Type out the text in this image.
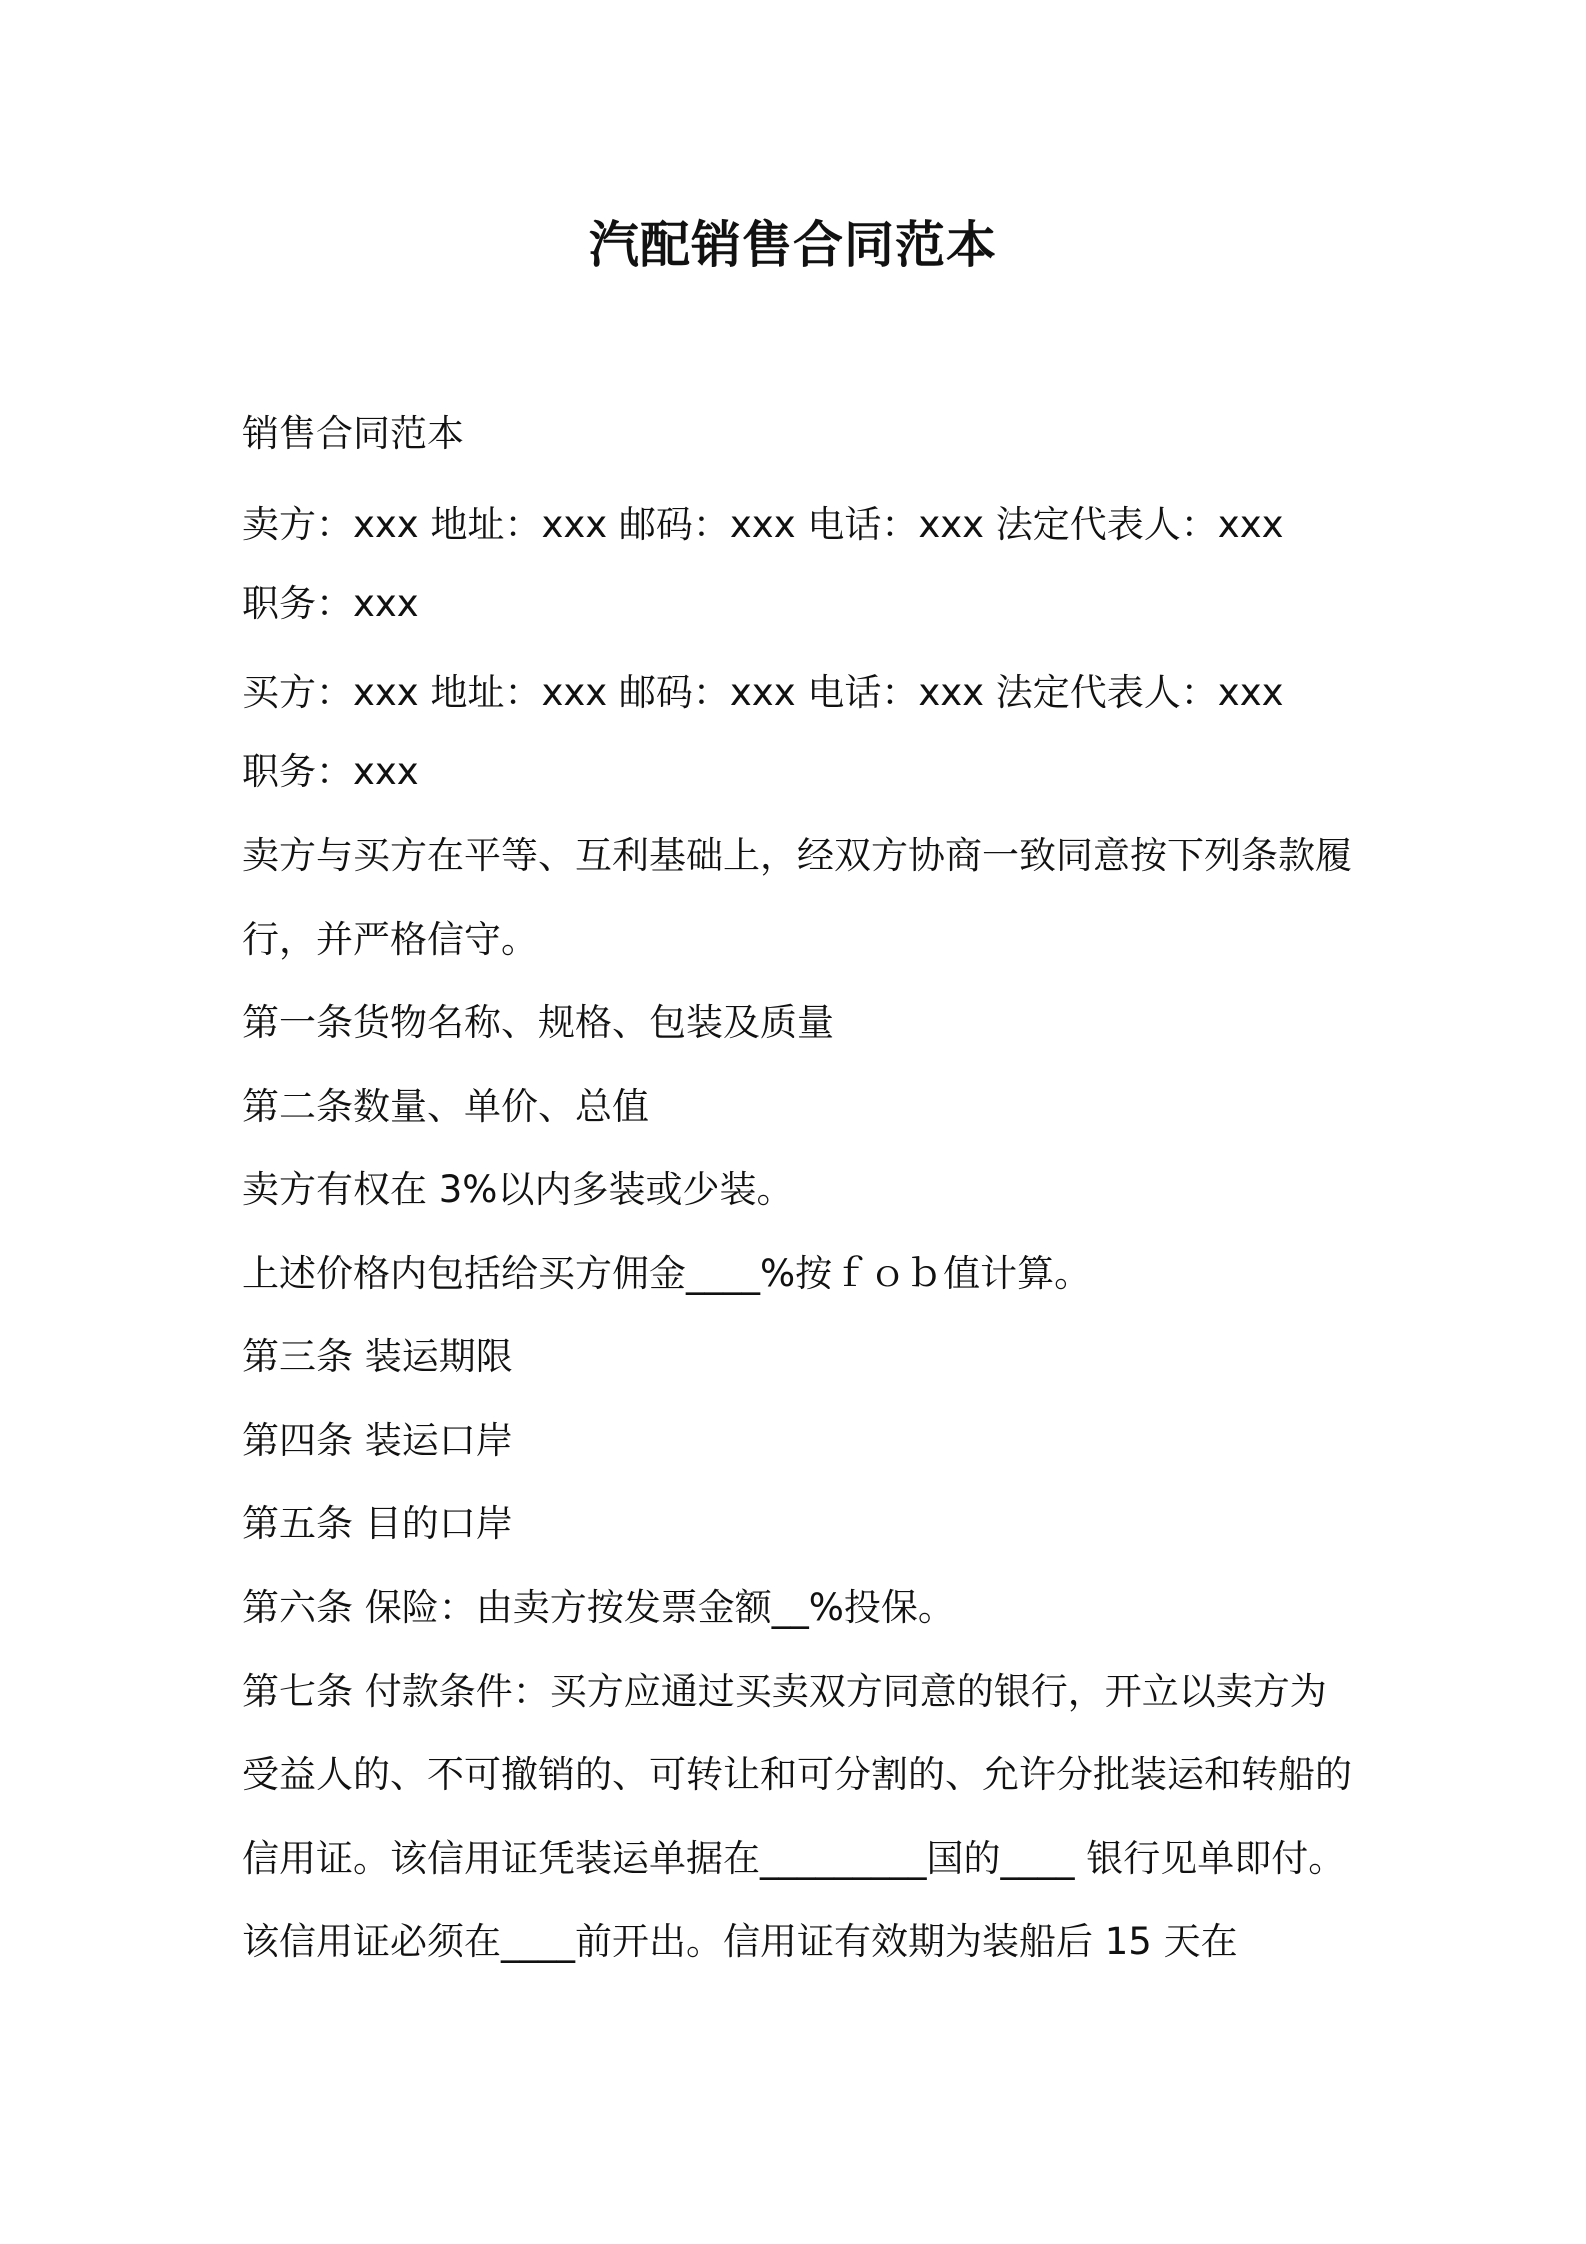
汽配销售合同范本
销售合同范本
卖方：xxx 地址：xxx 邮码：xxx 电话：xxx 法定代表人：xxx
职务：xxx
买方：xxx 地址：xxx 邮码：xxx 电话：xxx 法定代表人：xxx
职务：xxx
卖方与买方在平等、互利基础上，经双方协商一致同意按下列条款履
行，并严格信守。
第一条货物名称、规格、包装及质量
第二条数量、单价、总值
卖方有权在 3%以内多装或少装。
上述价格内包括给买方佣金____%按ｆｏｂ值计算。
第三条 装运期限
第四条 装运口岸
第五条 目的口岸
第六条 保险：由卖方按发票金额__%投保。
第七条 付款条件：买方应通过买卖双方同意的银行，开立以卖方为
受益人的、不可撤销的、可转让和可分割的、允许分批装运和转船的
信用证。该信用证凭装运单据在_________国的____ 银行见单即付。
该信用证必须在____前开出。信用证有效期为装船后 15 天在
